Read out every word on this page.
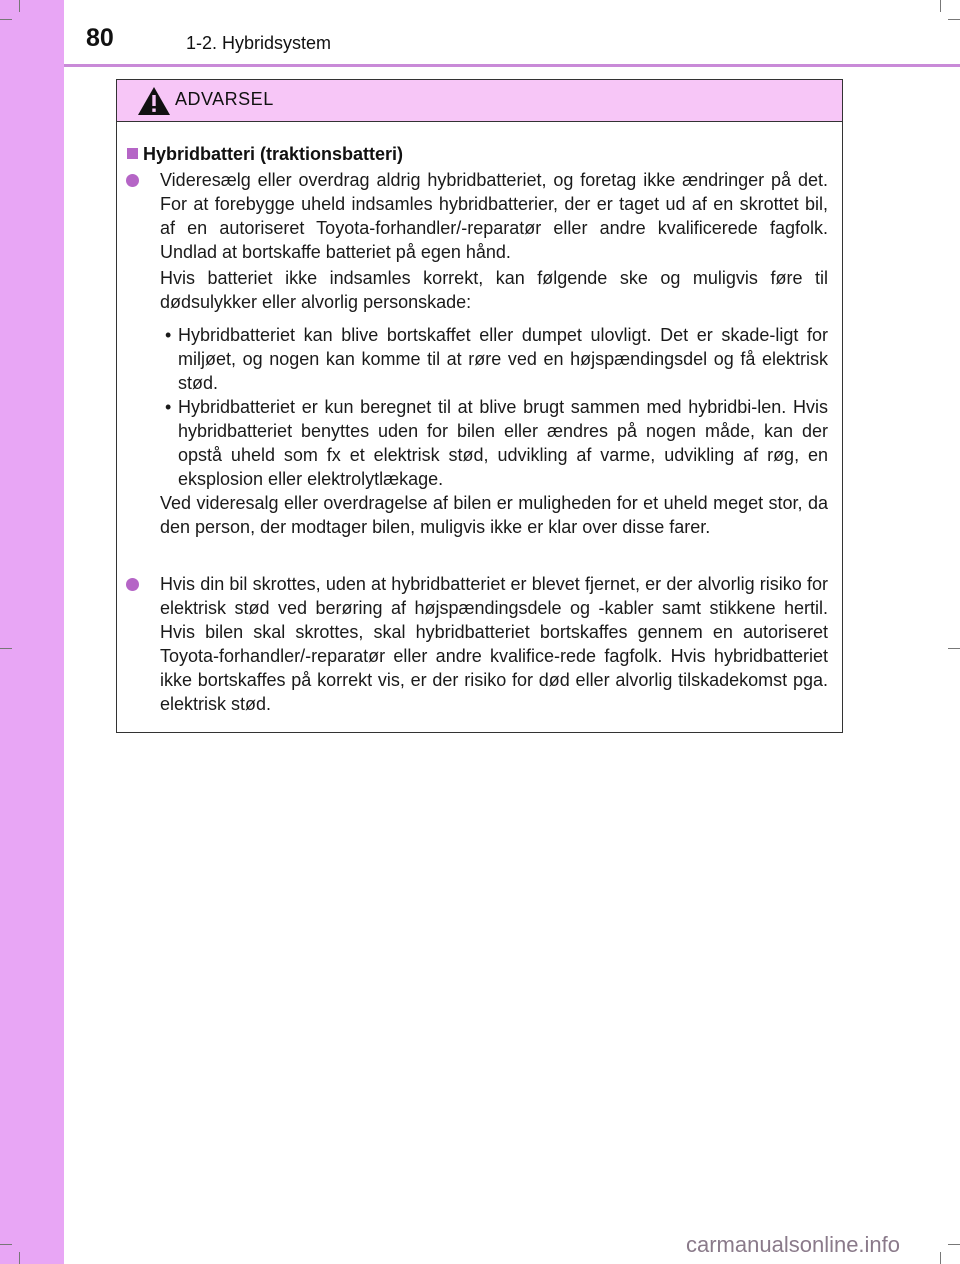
80	1-2. Hybridsystem
ADVARSEL
Hybridbatteri (traktionsbatteri)
Videresælg eller overdrag aldrig hybridbatteriet, og foretag ikke ændringer på det. For at forebygge uheld indsamles hybridbatterier, der er taget ud af en skrottet bil, af en autoriseret Toyota-forhandler/-reparatør eller andre kvalificerede fagfolk. Undlad at bortskaffe batteriet på egen hånd.
Hvis batteriet ikke indsamles korrekt, kan følgende ske og muligvis føre til dødsulykker eller alvorlig personskade:
• Hybridbatteriet kan blive bortskaffet eller dumpet ulovligt. Det er skade-ligt for miljøet, og nogen kan komme til at røre ved en højspændingsdel og få elektrisk stød.
• Hybridbatteriet er kun beregnet til at blive brugt sammen med hybridbi-len. Hvis hybridbatteriet benyttes uden for bilen eller ændres på nogen måde, kan der opstå uheld som fx et elektrisk stød, udvikling af varme, udvikling af røg, en eksplosion eller elektrolytlækage.
Ved videresalg eller overdragelse af bilen er muligheden for et uheld meget stor, da den person, der modtager bilen, muligvis ikke er klar over disse farer.
Hvis din bil skrottes, uden at hybridbatteriet er blevet fjernet, er der alvorlig risiko for elektrisk stød ved berøring af højspændingsdele og -kabler samt stikkene hertil. Hvis bilen skal skrottes, skal hybridbatteriet bortskaffes gennem en autoriseret Toyota-forhandler/-reparatør eller andre kvalifice-rede fagfolk. Hvis hybridbatteriet ikke bortskaffes på korrekt vis, er der risiko for død eller alvorlig tilskadekomst pga. elektrisk stød.
carmanualsonline.info
